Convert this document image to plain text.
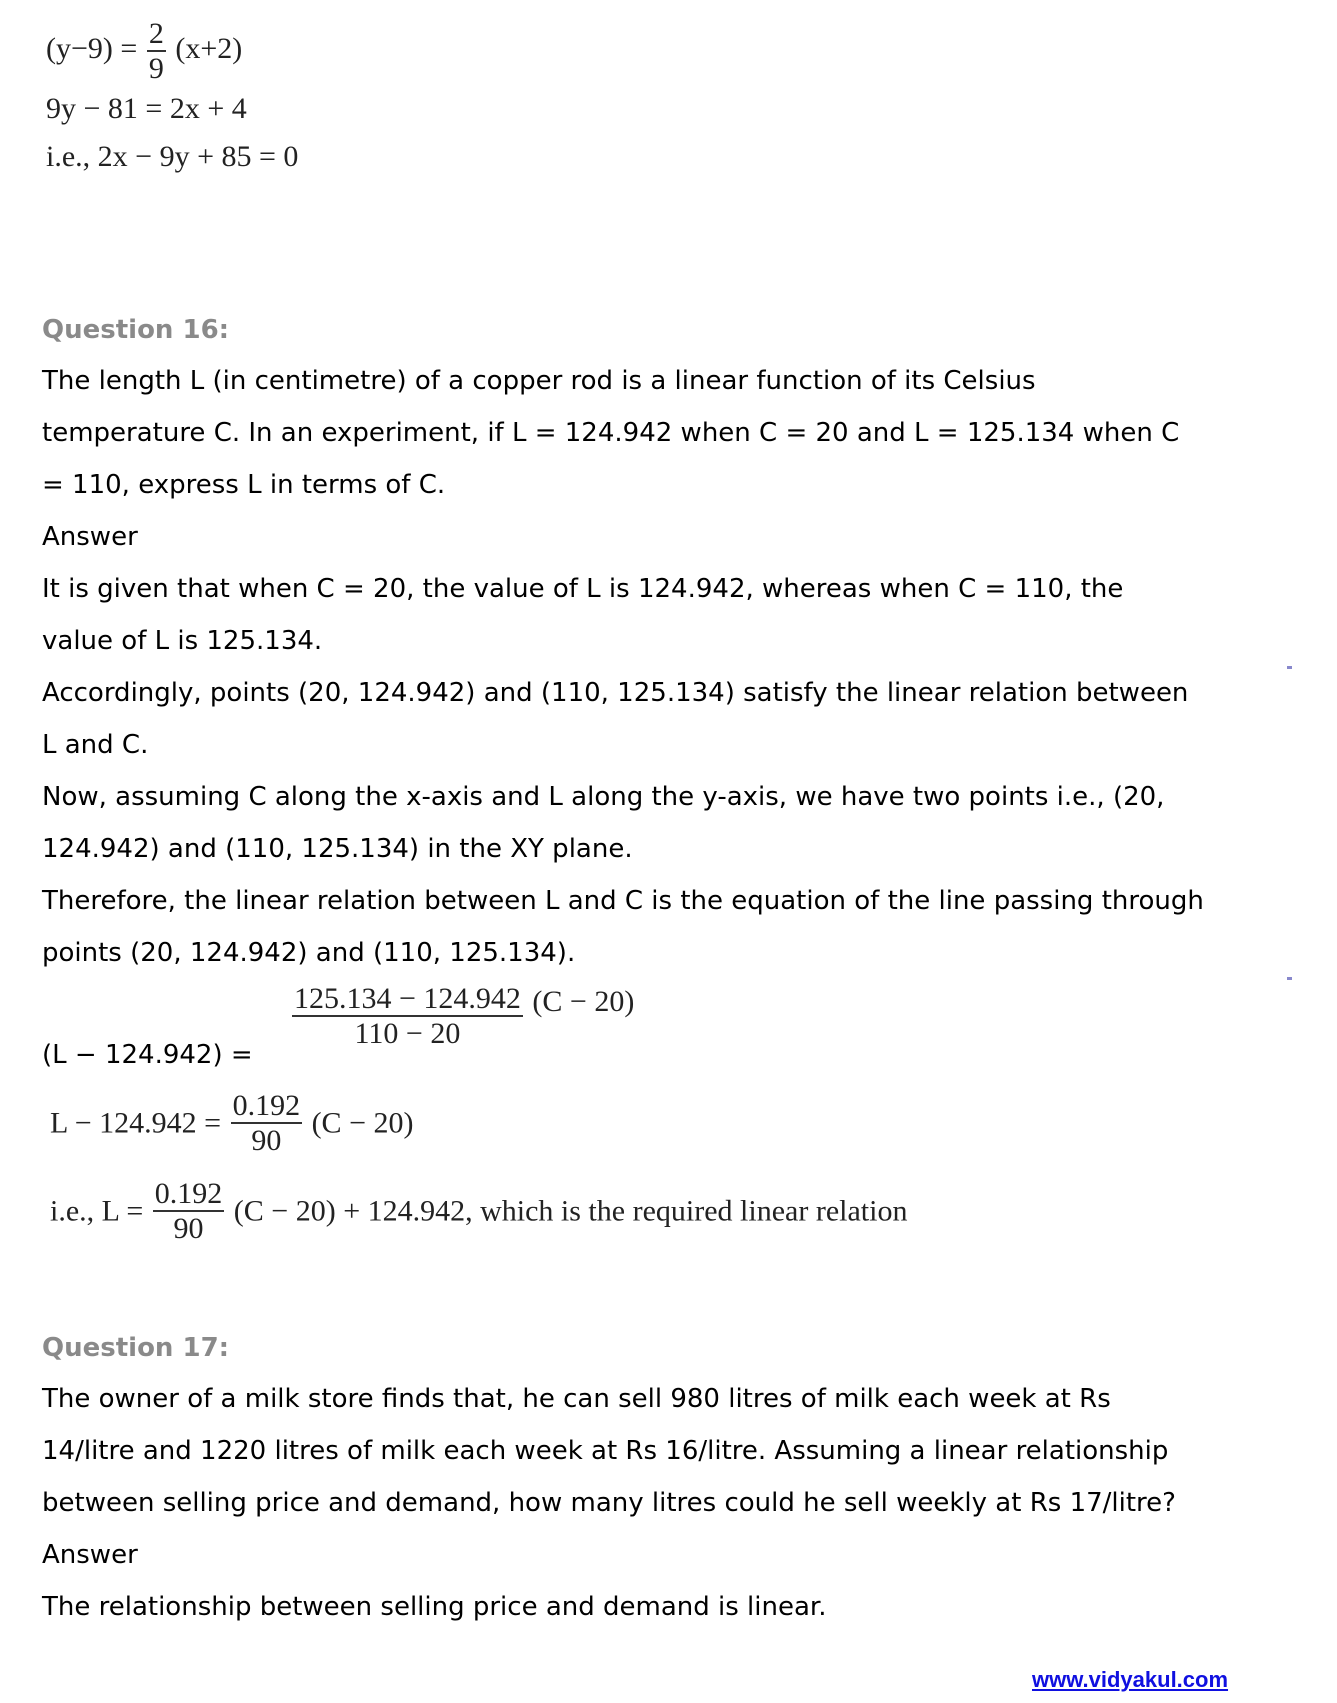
$(y-9) = \frac{2}{9} (x+2)$
9y − 81 = 2x + 4
i.e., 2x − 9y + 85 = 0
Question 16:
The length L (in centimetre) of a copper rod is a linear function of its Celsius
temperature C. In an experiment, if L = 124.942 when C = 20 and L = 125.134 when C
= 110, express L in terms of C.
Answer
It is given that when C = 20, the value of L is 124.942, whereas when C = 110, the
value of L is 125.134.
Accordingly, points (20, 124.942) and (110, 125.134) satisfy the linear relation between
L and C.
Now, assuming C along the x-axis and L along the y-axis, we have two points i.e., (20,
124.942) and (110, 125.134) in the XY plane.
Therefore, the linear relation between L and C is the equation of the line passing through
points (20, 124.942) and (110, 125.134).
(L − 124.942) =
$\frac{125.134 - 124.942}{110 - 20} (C - 20)$
$L - 124.942 = \frac{0.192}{90} (C - 20)$
i.e., $L = \frac{0.192}{90} (C - 20) + 124.942$, which is the required linear relation
Question 17:
The owner of a milk store finds that, he can sell 980 litres of milk each week at Rs
14/litre and 1220 litres of milk each week at Rs 16/litre. Assuming a linear relationship
between selling price and demand, how many litres could he sell weekly at Rs 17/litre?
Answer
The relationship between selling price and demand is linear.
www.vidyakul.com
